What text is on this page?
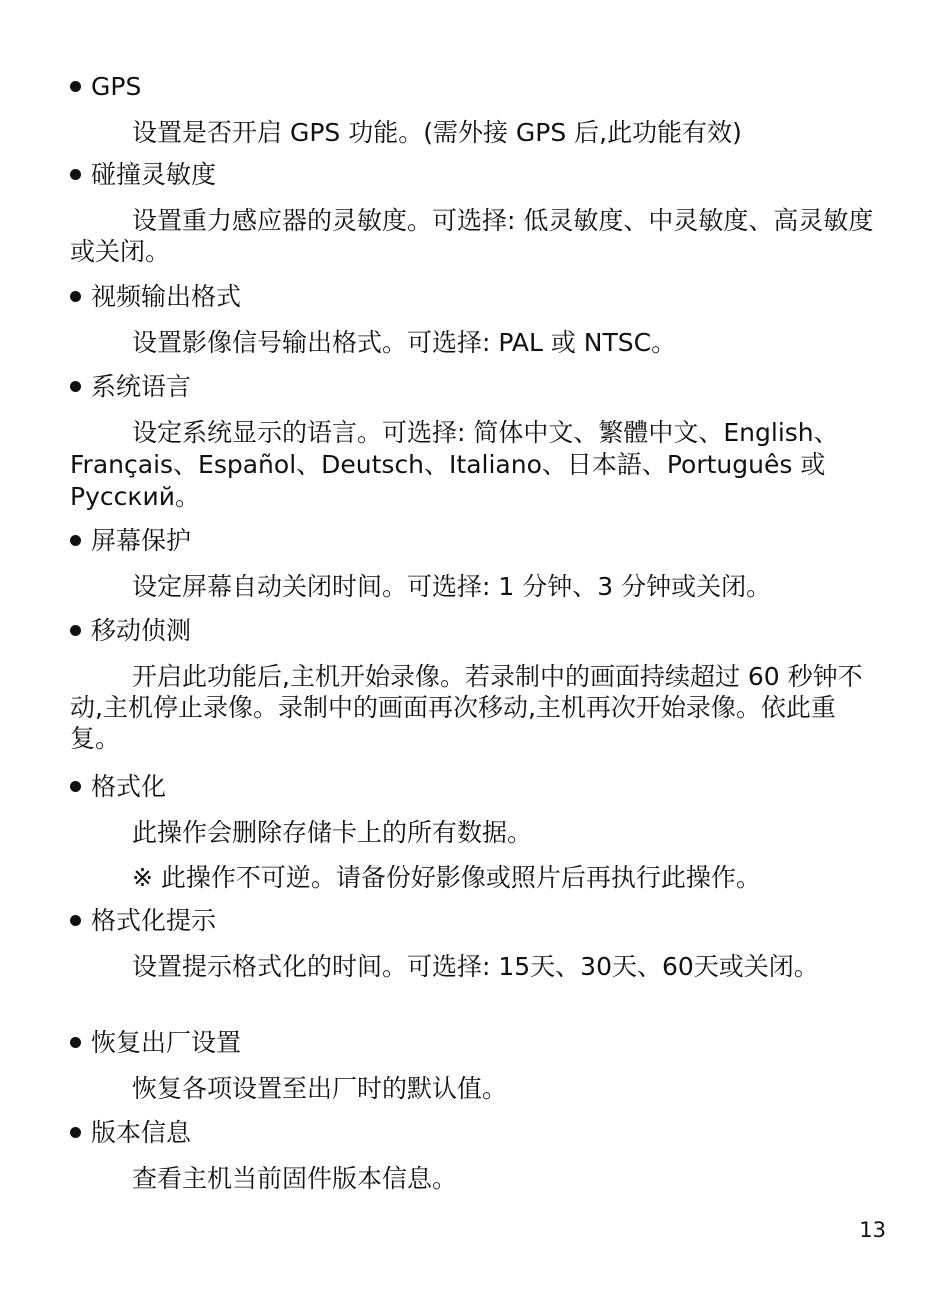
GPS

设置是否开启 GPS 功能。(需外接 GPS 后,此功能有效)

碰撞灵敏度

设置重力感应器的灵敏度。可选择: 低灵敏度、中灵敏度、高灵敏度或关闭。

视频输出格式

设置影像信号输出格式。可选择: PAL 或 NTSC。

系统语言

设定系统显示的语言。可选择: 简体中文、繁體中文、English、Français、Español、Deutsch、Italiano、日本語、Português 或 Русский。

屏幕保护

设定屏幕自动关闭时间。可选择: 1 分钟、3 分钟或关闭。

移动侦测

开启此功能后,主机开始录像。若录制中的画面持续超过 60 秒钟不动,主机停止录像。录制中的画面再次移动,主机再次开始录像。依此重复。

格式化

此操作会删除存储卡上的所有数据。

※ 此操作不可逆。请备份好影像或照片后再执行此操作。
格式化提示

设置提示格式化的时间。可选择: 15天、30天、60天或关闭。

恢复出厂设置

恢复各项设置至出厂时的默认值。

版本信息

查看主机当前固件版本信息。

13
